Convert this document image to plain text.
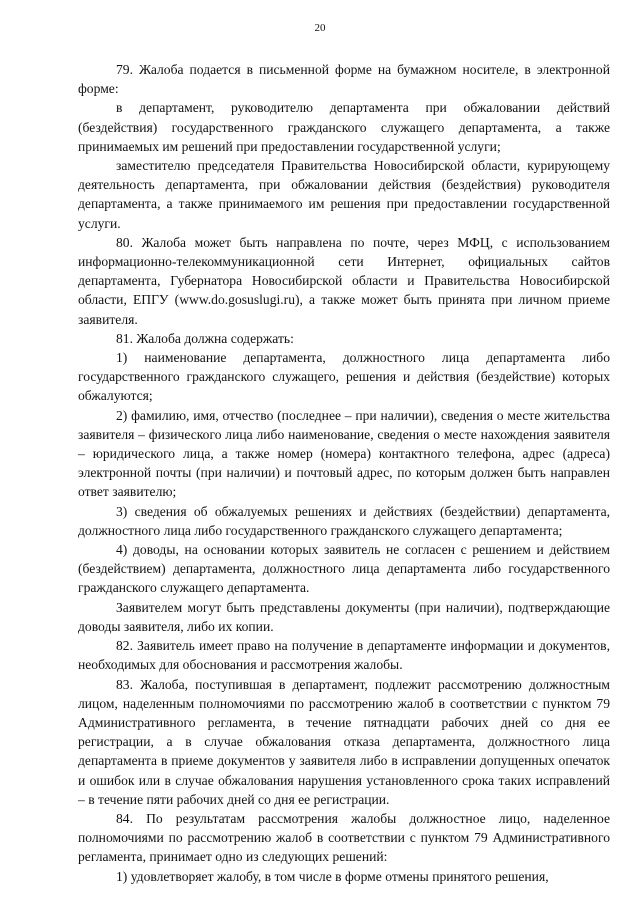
20

79. Жалоба подается в письменной форме на бумажном носителе, в электронной форме:

в департамент, руководителю департамента при обжаловании действий (бездействия) государственного гражданского служащего департамента, а также принимаемых им решений при предоставлении государственной услуги;

заместителю председателя Правительства Новосибирской области, курирующему деятельность департамента, при обжаловании действия (бездействия) руководителя департамента, а также принимаемого им решения при предоставлении государственной услуги.

80. Жалоба может быть направлена по почте, через МФЦ, с использованием информационно-телекоммуникационной сети Интернет, официальных сайтов департамента, Губернатора Новосибирской области и Правительства Новосибирской области, ЕПГУ (www.do.gosuslugi.ru), а также может быть принята при личном приеме заявителя.

81. Жалоба должна содержать:

1) наименование департамента, должностного лица департамента либо государственного гражданского служащего, решения и действия (бездействие) которых обжалуются;

2) фамилию, имя, отчество (последнее – при наличии), сведения о месте жительства заявителя – физического лица либо наименование, сведения о месте нахождения заявителя – юридического лица, а также номер (номера) контактного телефона, адрес (адреса) электронной почты (при наличии) и почтовый адрес, по которым должен быть направлен ответ заявителю;

3) сведения об обжалуемых решениях и действиях (бездействии) департамента, должностного лица либо государственного гражданского служащего департамента;

4) доводы, на основании которых заявитель не согласен с решением и действием (бездействием) департамента, должностного лица департамента либо государственного гражданского служащего департамента.

Заявителем могут быть представлены документы (при наличии), подтверждающие доводы заявителя, либо их копии.

82. Заявитель имеет право на получение в департаменте информации и документов, необходимых для обоснования и рассмотрения жалобы.

83. Жалоба, поступившая в департамент, подлежит рассмотрению должностным лицом, наделенным полномочиями по рассмотрению жалоб в соответствии с пунктом 79 Административного регламента, в течение пятнадцати рабочих дней со дня ее регистрации, а в случае обжалования отказа департамента, должностного лица департамента в приеме документов у заявителя либо в исправлении допущенных опечаток и ошибок или в случае обжалования нарушения установленного срока таких исправлений – в течение пяти рабочих дней со дня ее регистрации.

84. По результатам рассмотрения жалобы должностное лицо, наделенное полномочиями по рассмотрению жалоб в соответствии с пунктом 79 Административного регламента, принимает одно из следующих решений:

1) удовлетворяет жалобу, в том числе в форме отмены принятого решения,
